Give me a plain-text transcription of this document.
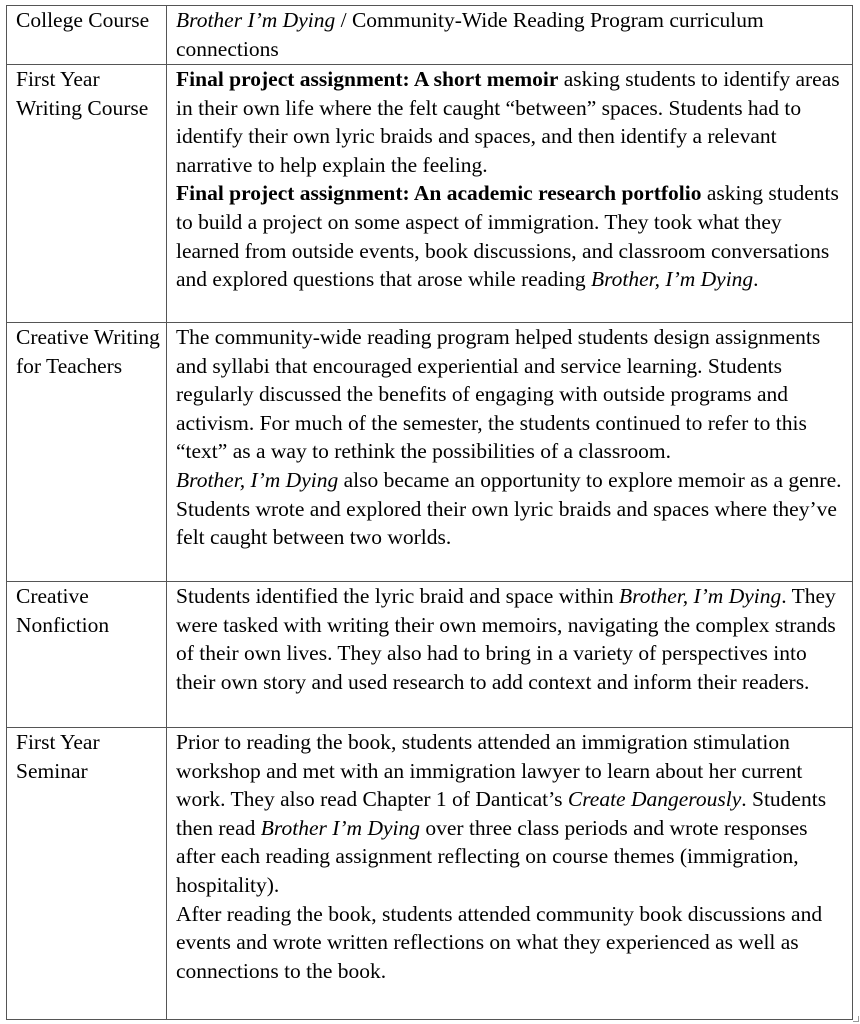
College Course	Brother I’m Dying / Community-Wide Reading Program curriculum connections
First Year Writing Course	Final project assignment: A short memoir asking students to identify areas in their own life where the felt caught “between” spaces. Students had to identify their own lyric braids and spaces, and then identify a relevant narrative to help explain the feeling.

Final project assignment: An academic research portfolio asking students to build a project on some aspect of immigration. They took what they learned from outside events, book discussions, and classroom conversations and explored questions that arose while reading Brother, I’m Dying.

Creative Writing for Teachers	The community-wide reading program helped students design assignments and syllabi that encouraged experiential and service learning. Students regularly discussed the benefits of engaging with outside programs and activism. For much of the semester, the students continued to refer to this “text” as a way to rethink the possibilities of a classroom.

Brother, I’m Dying also became an opportunity to explore memoir as a genre. Students wrote and explored their own lyric braids and spaces where they’ve felt caught between two worlds.

Creative Nonfiction	Students identified the lyric braid and space within Brother, I’m Dying. They were tasked with writing their own memoirs, navigating the complex strands of their own lives. They also had to bring in a variety of perspectives into their own story and used research to add context and inform their readers.

First Year Seminar	Prior to reading the book, students attended an immigration stimulation workshop and met with an immigration lawyer to learn about her current work. They also read Chapter 1 of Danticat’s Create Dangerously. Students then read Brother I’m Dying over three class periods and wrote responses after each reading assignment reflecting on course themes (immigration, hospitality).

After reading the book, students attended community book discussions and events and wrote written reflections on what they experienced as well as connections to the book.
